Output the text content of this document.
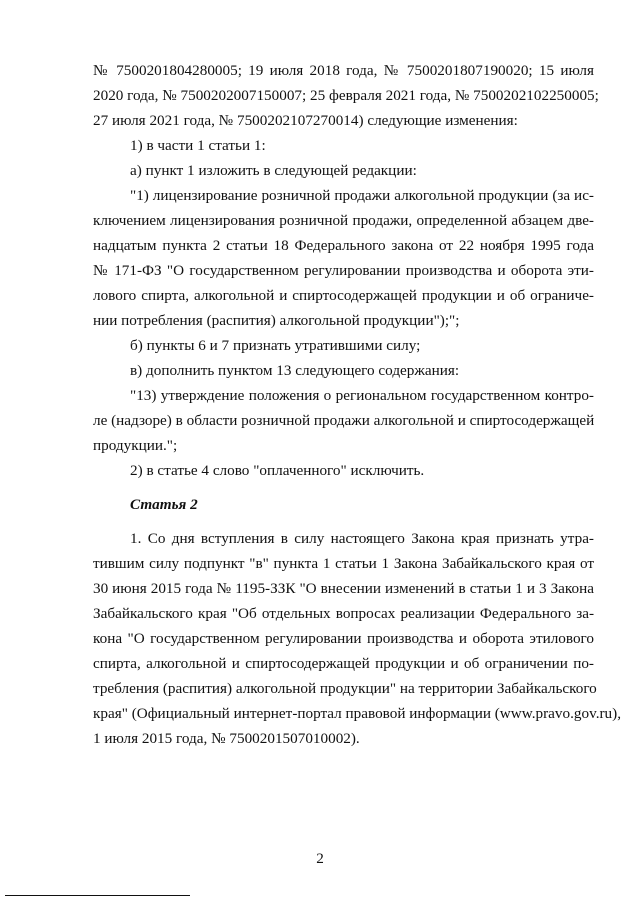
№ 7500201804280005; 19 июля 2018 года, № 7500201807190020; 15 июля
2020 года, № 7500202007150007; 25 февраля 2021 года, № 7500202102250005;
27 июля 2021 года, № 7500202107270014) следующие изменения:
1) в части 1 статьи 1:
а) пункт 1 изложить в следующей редакции:
"1) лицензирование розничной продажи алкогольной продукции (за ис-
ключением лицензирования розничной продажи, определенной абзацем две-
надцатым пункта 2 статьи 18 Федерального закона от 22 ноября 1995 года
№ 171-ФЗ "О государственном регулировании производства и оборота эти-
лового спирта, алкогольной и спиртосодержащей продукции и об ограниче-
нии потребления (распития) алкогольной продукции");";
б) пункты 6 и 7 признать утратившими силу;
в) дополнить пунктом 13 следующего содержания:
"13) утверждение положения о региональном государственном контро-
ле (надзоре) в области розничной продажи алкогольной и спиртосодержащей
продукции.";
2) в статье 4 слово "оплаченного" исключить.
Статья 2
1. Со дня вступления в силу настоящего Закона края признать утра-
тившим силу подпункт "в" пункта 1 статьи 1 Закона Забайкальского края от
30 июня 2015 года № 1195-ЗЗК "О внесении изменений в статьи 1 и 3 Закона
Забайкальского края "Об отдельных вопросах реализации Федерального за-
кона "О государственном регулировании производства и оборота этилового
спирта, алкогольной и спиртосодержащей продукции и об ограничении по-
требления (распития) алкогольной продукции" на территории Забайкальского
края" (Официальный интернет-портал правовой информации (www.pravo.gov.ru),
1 июля 2015 года, № 7500201507010002).
2
